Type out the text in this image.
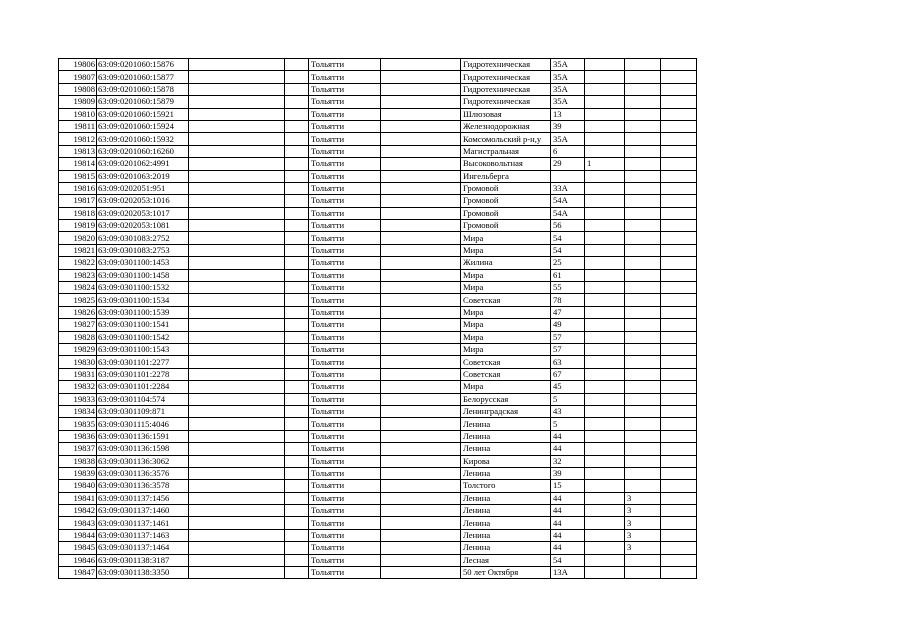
19806	63:09:0201060:15876			Тольятти		Гидротехническая	35А			
19807	63:09:0201060:15877			Тольятти		Гидротехническая	35А			
19808	63:09:0201060:15878			Тольятти		Гидротехническая	35А			
19809	63:09:0201060:15879			Тольятти		Гидротехническая	35А			
19810	63:09:0201060:15921			Тольятти		Шлюзовая	13			
19811	63:09:0201060:15924			Тольятти		Железнодорожная	39			
19812	63:09:0201060:15932			Тольятти		Комсомольский р-н,у	35А			
19813	63:09:0201060:16260			Тольятти		Магистральная	6			
19814	63:09:0201062:4991			Тольятти		Высоковольтная	29	1		
19815	63:09:0201063:2019			Тольятти		Ингельберга				
19816	63:09:0202051:951			Тольятти		Громовой	33А			
19817	63:09:0202053:1016			Тольятти		Громовой	54А			
19818	63:09:0202053:1017			Тольятти		Громовой	54А			
19819	63:09:0202053:1081			Тольятти		Громовой	56			
19820	63:09:0301083:2752			Тольятти		Мира	54			
19821	63:09:0301083:2753			Тольятти		Мира	54			
19822	63:09:0301100:1453			Тольятти		Жилина	25			
19823	63:09:0301100:1458			Тольятти		Мира	61			
19824	63:09:0301100:1532			Тольятти		Мира	55			
19825	63:09:0301100:1534			Тольятти		Советская	78			
19826	63:09:0301100:1539			Тольятти		Мира	47			
19827	63:09:0301100:1541			Тольятти		Мира	49			
19828	63:09:0301100:1542			Тольятти		Мира	57			
19829	63:09:0301100:1543			Тольятти		Мира	57			
19830	63:09:0301101:2277			Тольятти		Советская	63			
19831	63:09:0301101:2278			Тольятти		Советская	67			
19832	63:09:0301101:2284			Тольятти		Мира	45			
19833	63:09:0301104:574			Тольятти		Белорусская	5			
19834	63:09:0301109:871			Тольятти		Ленинградская	43			
19835	63:09:0301115:4046			Тольятти		Ленина	5			
19836	63:09:0301136:1591			Тольятти		Ленина	44			
19837	63:09:0301136:1598			Тольятти		Ленина	44			
19838	63:09:0301136:3062			Тольятти		Кирова	32			
19839	63:09:0301136:3576			Тольятти		Ленина	39			
19840	63:09:0301136:3578			Тольятти		Толстого	15			
19841	63:09:0301137:1456			Тольятти		Ленина	44		3	
19842	63:09:0301137:1460			Тольятти		Ленина	44		3	
19843	63:09:0301137:1461			Тольятти		Ленина	44		3	
19844	63:09:0301137:1463			Тольятти		Ленина	44		3	
19845	63:09:0301137:1464			Тольятти		Ленина	44		3	
19846	63:09:0301138:3187			Тольятти		Лесная	54			
19847	63:09:0301138:3350			Тольятти		50 лет Октября	13А			
